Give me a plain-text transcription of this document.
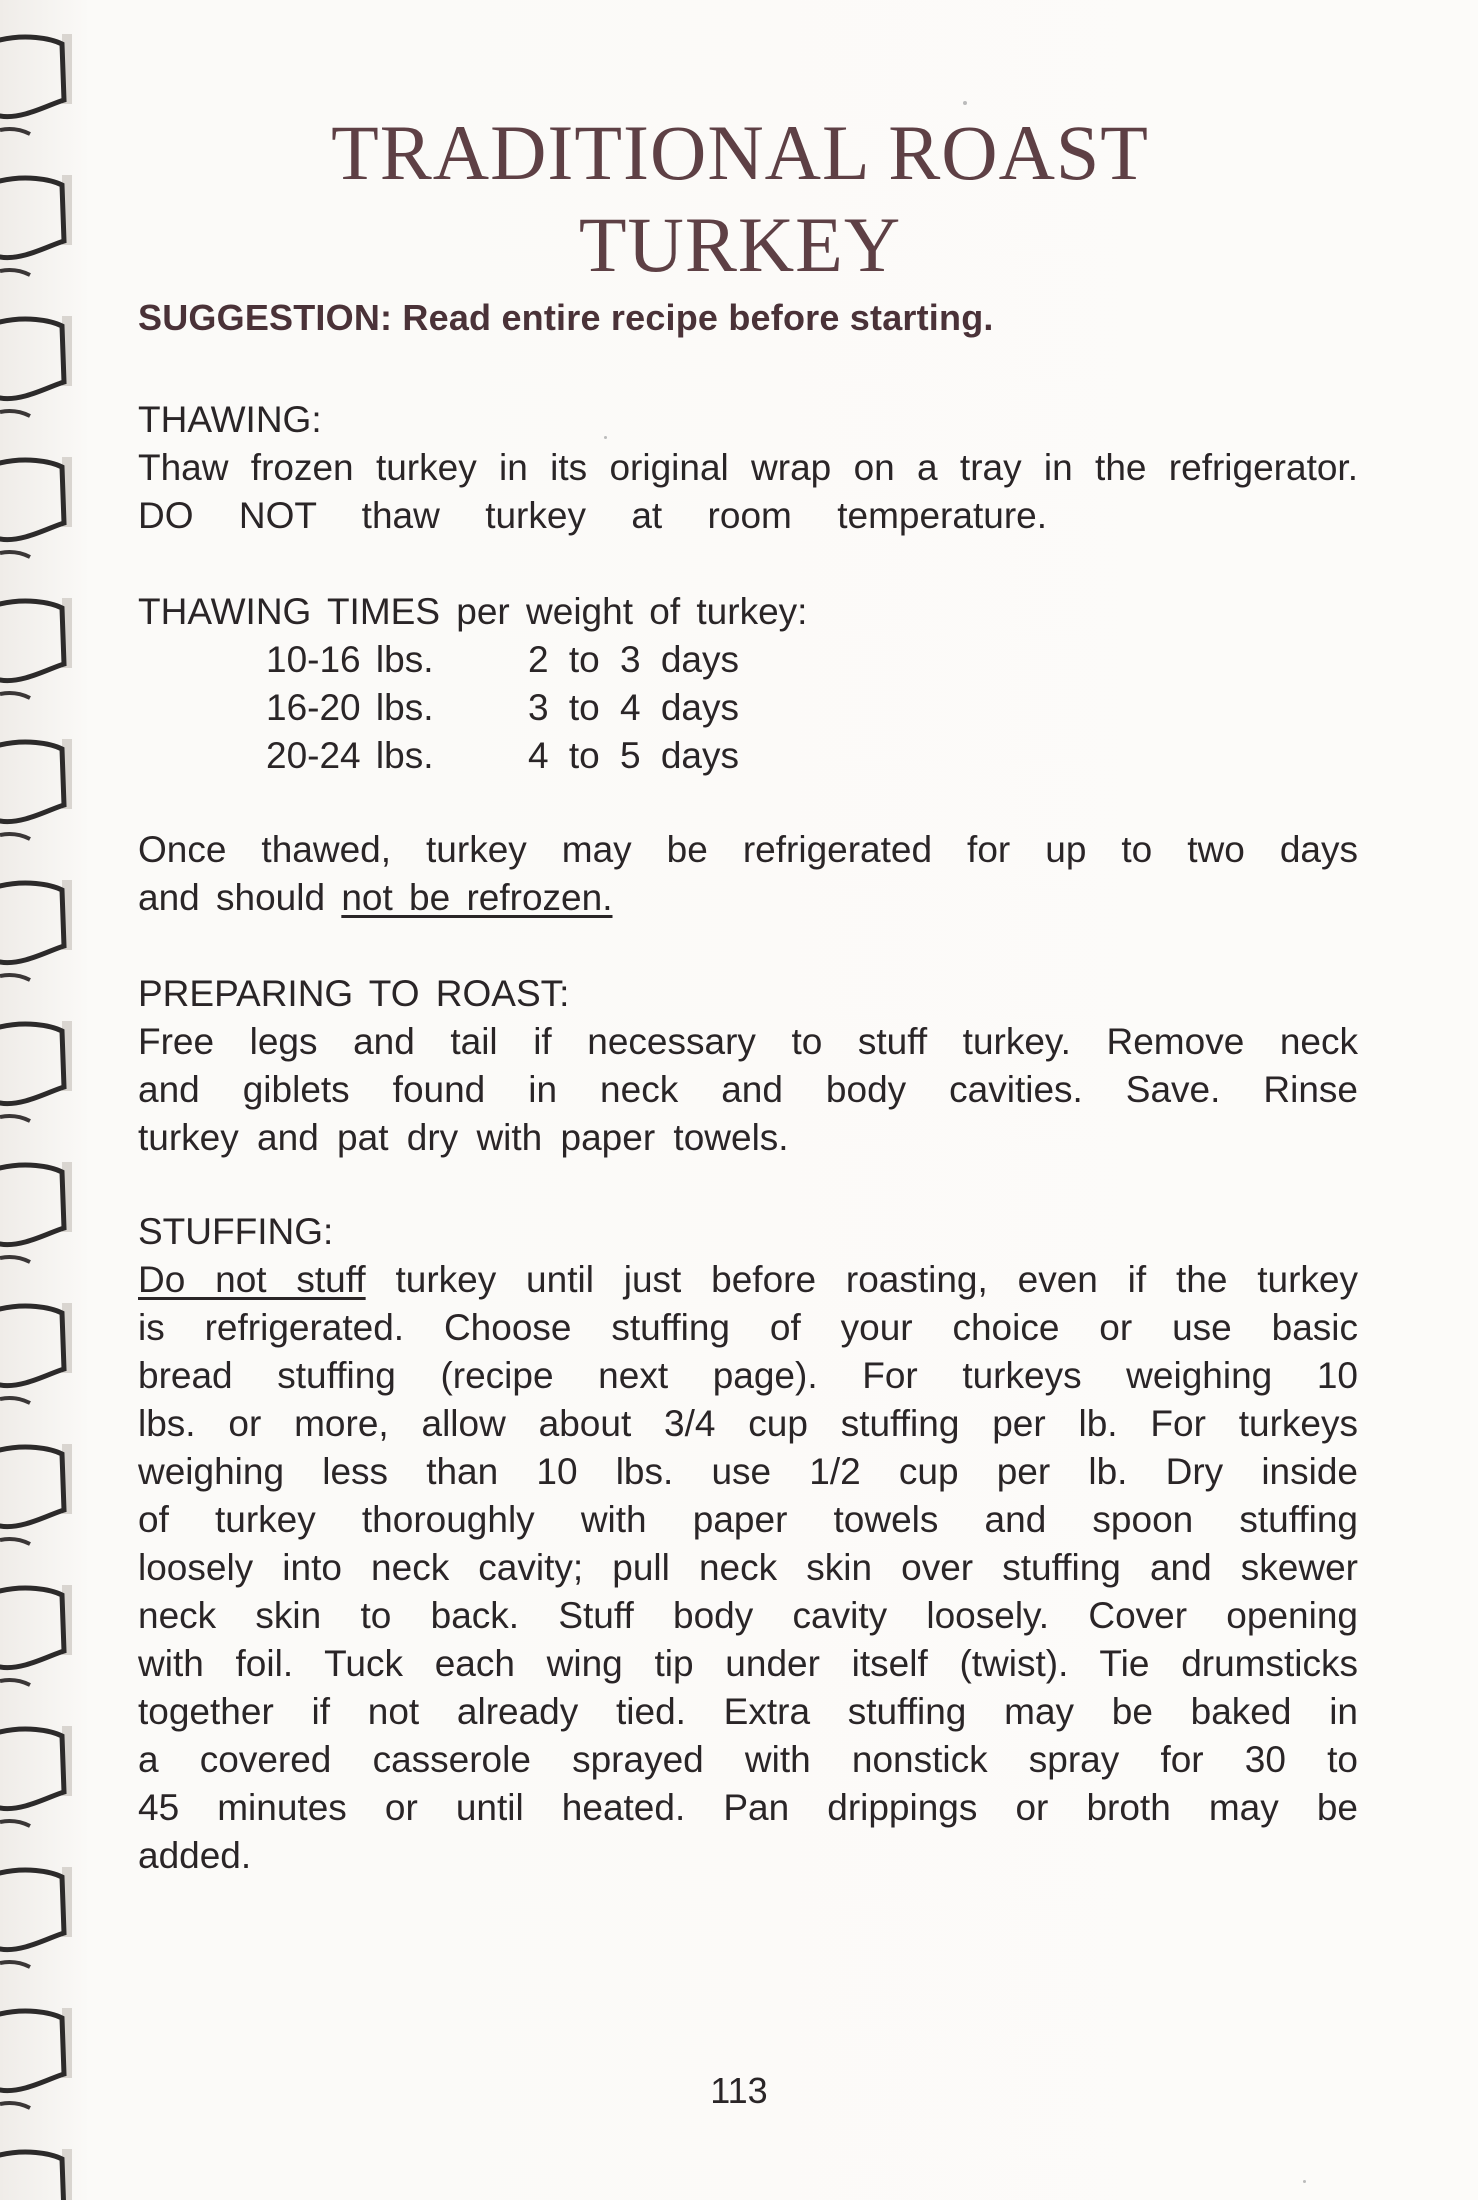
TRADITIONAL ROAST
TURKEY
SUGGESTION: Read entire recipe before starting.
THAWING:
Thaw frozen turkey in its original wrap on a tray in the refrigerator.
DO NOT thaw turkey at room temperature.
THAWING TIMES per weight of turkey:
10-16 lbs.	2 to 3 days
16-20 lbs.	3 to 4 days
20-24 lbs.	4 to 5 days
Once thawed, turkey may be refrigerated for up to two days
and should not be refrozen.
PREPARING TO ROAST:
Free legs and tail if necessary to stuff turkey. Remove neck
and giblets found in neck and body cavities. Save. Rinse
turkey and pat dry with paper towels.
STUFFING:
Do not stuff turkey until just before roasting, even if the turkey
is refrigerated. Choose stuffing of your choice or use basic
bread stuffing (recipe next page). For turkeys weighing 10
lbs. or more, allow about 3/4 cup stuffing per lb. For turkeys
weighing less than 10 lbs. use 1/2 cup per lb. Dry inside
of turkey thoroughly with paper towels and spoon stuffing
loosely into neck cavity; pull neck skin over stuffing and skewer
neck skin to back. Stuff body cavity loosely. Cover opening
with foil. Tuck each wing tip under itself (twist). Tie drumsticks
together if not already tied. Extra stuffing may be baked in
a covered casserole sprayed with nonstick spray for 30 to
45 minutes or until heated. Pan drippings or broth may be
added.
113
